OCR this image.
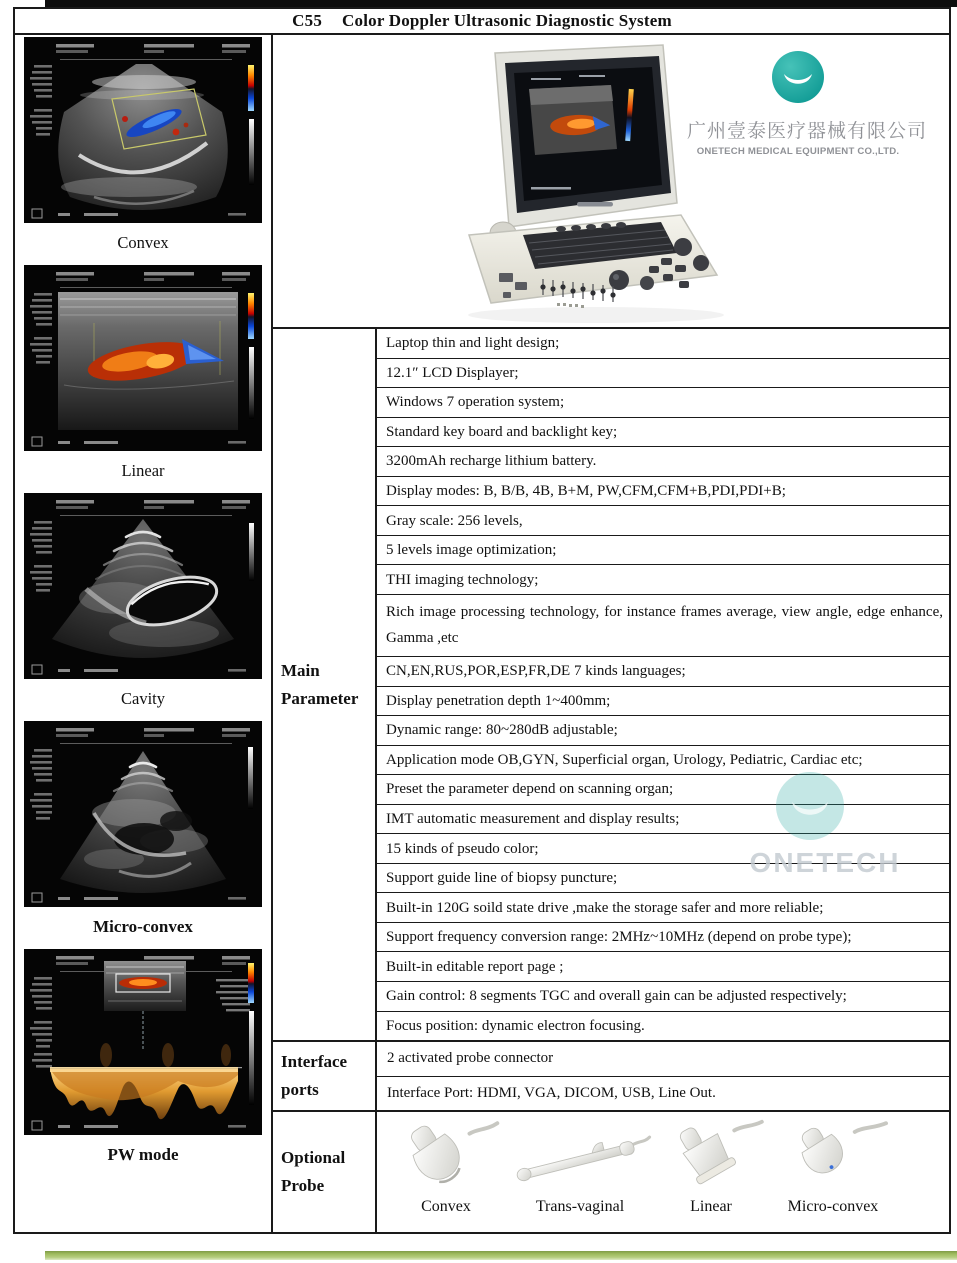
C55 Color Doppler Ultrasonic Diagnostic System
Convex
Linear
Cavity
Micro-convex
PW mode
广州壹泰医疗器械有限公司
ONETECH MEDICAL EQUIPMENT CO.,LTD.
Main Parameter
Laptop thin and light design;
12.1″ LCD Displayer;
Windows 7 operation system;
Standard key board and backlight key;
3200mAh recharge lithium battery.
Display modes: B, B/B, 4B, B+M, PW,CFM,CFM+B,PDI,PDI+B;
Gray scale: 256 levels,
5 levels image optimization;
THI imaging technology;
Rich image processing technology, for instance frames average, view angle, edge enhance, Gamma ,etc
CN,EN,RUS,POR,ESP,FR,DE 7 kinds languages;
Display penetration depth 1~400mm;
Dynamic range: 80~280dB adjustable;
Application mode OB,GYN, Superficial organ, Urology, Pediatric, Cardiac etc;
Preset the parameter depend on scanning organ;
IMT automatic measurement and display results;
15 kinds of pseudo color;
Support guide line of biopsy puncture;
Built-in 120G soild state drive ,make the storage safer and more reliable;
Support frequency conversion range: 2MHz~10MHz (depend on probe type);
Built-in editable report page ;
Gain control: 8 segments TGC and overall gain can be adjusted respectively;
Focus position: dynamic electron focusing.
Interface ports
2 activated probe connector
Interface Port: HDMI, VGA, DICOM, USB, Line Out.
Optional Probe
Convex	Trans-vaginal	Linear	Micro-convex
ONETECH
